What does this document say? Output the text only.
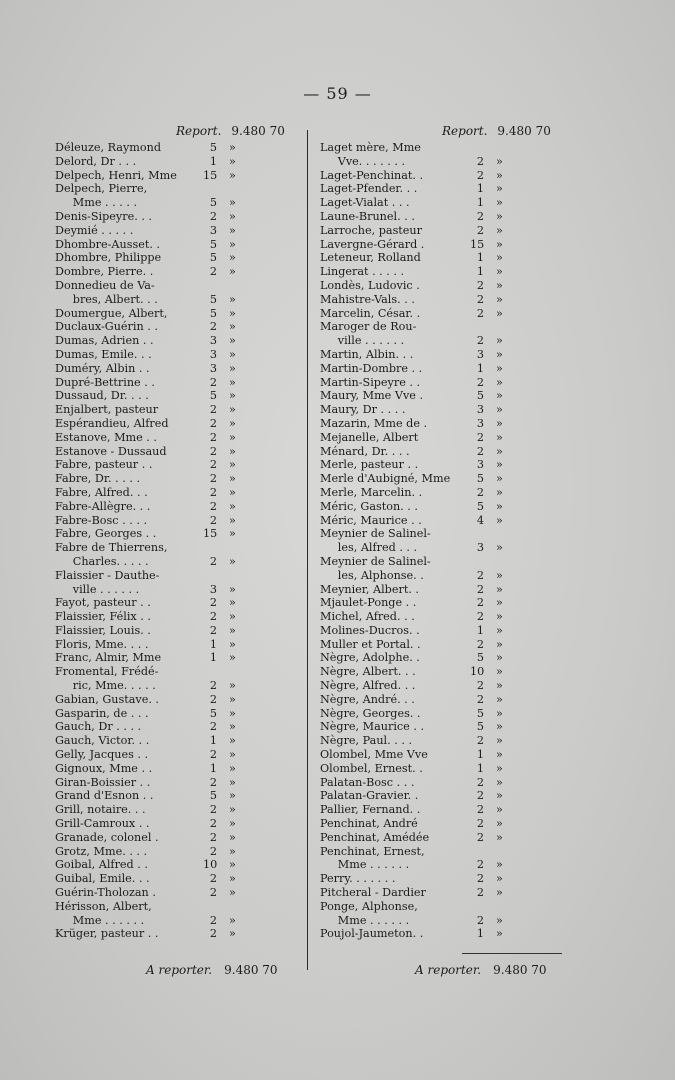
— 59 —
Report. 9.480 70	Report. 9.480 70
Déleuze, Raymond	5 »
Delord, Dr . . .	1 »
Delpech, Henri, Mme 15 »
Delpech, Pierre,
Mme . . . . .	5 »
Denis-Sipeyre. . .	2 »
Deymié . . . . .	3 »
Dhombre-Ausset. .	5 »
Dhombre, Philippe	5 »
Dombre, Pierre. .	2 »
Donnedieu de Va-
bres, Albert. . .	5 »
Doumergue, Albert,	5 »
Duclaux-Guérin . .	2 »
Dumas, Adrien . .	3 »
Dumas, Emile. . .	3 »
Duméry, Albin . .	3 »
Dupré-Bettrine . .	2 »
Dussaud, Dr. . . .	5 »
Enjalbert, pasteur	2 »
Espérandieu, Alfred	2 »
Estanove, Mme . .	2 »
Estanove - Dussaud	2 »
Fabre, pasteur . .	2 »
Fabre, Dr. . . . .	2 »
Fabre, Alfred. . .	2 »
Fabre-Allègre. . .	2 »
Fabre-Bosc . . . .	2 »
Fabre, Georges . .	15 »
Fabre de Thierrens,
Charles. . . . .	2 »
Flaissier - Dauthe-
ville . . . . . .	3 »
Fayot, pasteur . .	2 »
Flaissier, Félix . .	2 »
Flaissier, Louis. .	2 »
Floris, Mme. . . .	1 »
Franc, Almir, Mme	1 »
Fromental, Frédé-
ric, Mme. . . . .	2 »
Gabian, Gustave. .	2 »
Gasparin, de . . .	5 »
Gauch, Dr . . . .	2 »
Gauch, Victor. . .	1 »
Gelly, Jacques . .	2 »
Gignoux, Mme . .	1 »
Giran-Boissier . .	2 »
Grand d'Esnon . .	5 »
Grill, notaire. . .	2 »
Grill-Camroux . .	2 »
Granade, colonel .	2 »
Grotz, Mme. . . .	2 »
Goibal, Alfred . .	10 »
Guibal, Emile. . .	2 »
Guérin-Tholozan .	2 »
Hérisson, Albert,
Mme . . . . . .	2 »
Krüger, pasteur . .	2 »
Laget mère, Mme
Vve. . . . . . .	2 »
Laget-Penchinat. .	2 »
Laget-Pfender. . .	1 »
Laget-Vialat . . .	1 »
Laune-Brunel. . .	2 »
Larroche, pasteur	2 »
Lavergne-Gérard .	15 »
Leteneur, Rolland	1 »
Lingerat . . . . .	1 »
Londès, Ludovic .	2 »
Mahistre-Vals. . .	2 »
Marcelin, César. .	2 »
Maroger de Rou-
ville . . . . . .	2 »
Martin, Albin. . .	3 »
Martin-Dombre . .	1 »
Martin-Sipeyre . .	2 »
Maury, Mme Vve .	5 »
Maury, Dr . . . .	3 »
Mazarin, Mme de .	3 »
Mejanelle, Albert	2 »
Ménard, Dr. . . .	2 »
Merle, pasteur . .	3 »
Merle d'Aubigné, Mme	5 »
Merle, Marcelin. .	2 »
Méric, Gaston. . .	5 »
Méric, Maurice . .	4 »
Meynier de Salinel-
les, Alfred . . .	3 »
Meynier de Salinel-
les, Alphonse. .	2 »
Meynier, Albert. .	2 »
Mjaulet-Ponge . .	2 »
Michel, Afred. . .	2 »
Molines-Ducros. .	1 »
Muller et Portal. .	2 »
Nègre, Adolphe. .	5 »
Nègre, Albert. . .	10 »
Nègre, Alfred. . .	2 »
Nègre, André. . .	2 »
Nègre, Georges. .	5 »
Nègre, Maurice . .	5 »
Nègre, Paul. . . .	2 »
Olombel, Mme Vve	1 »
Olombel, Ernest. .	1 »
Palatan-Bosc . . .	2 »
Palatan-Gravier. .	2 »
Pallier, Fernand. .	2 »
Penchinat, André	2 »
Penchinat, Amédée	2 »
Penchinat, Ernest,
Mme . . . . . .	2 »
Perry. . . . . . .	2 »
Pitcheral - Dardier	2 »
Ponge, Alphonse,
Mme . . . . . .	2 »
Poujol-Jaumeton. .	1 »
A reporter. 9.480 70	A reporter. 9.480 70
